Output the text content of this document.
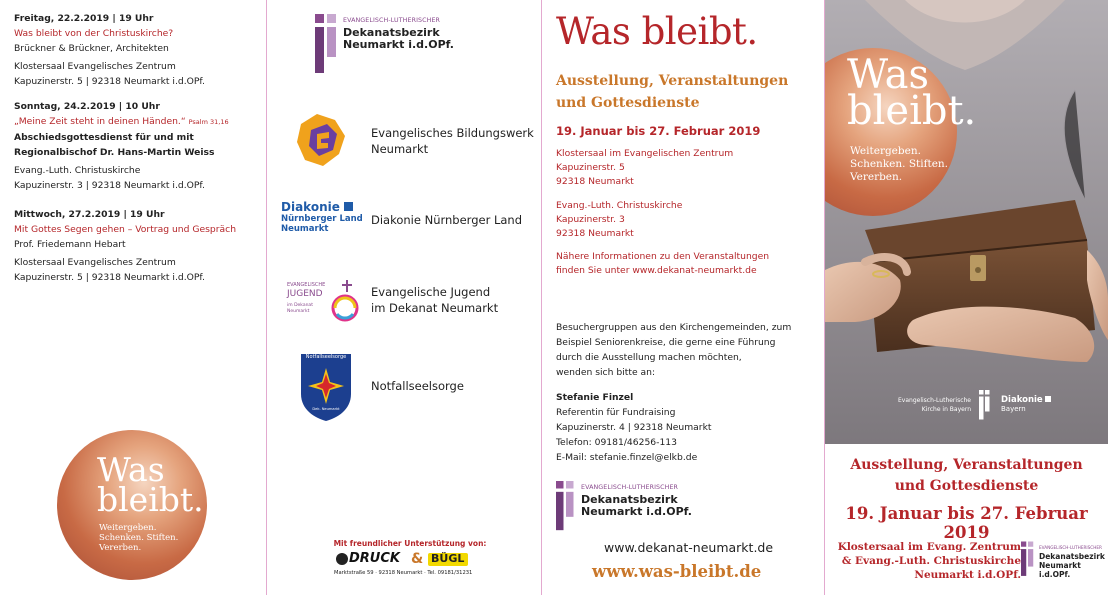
Freitag, 22.2.2019 | 19 Uhr
Was bleibt von der Christuskirche?
Brückner & Brückner, Architekten
Klostersaal Evangelisches Zentrum
Kapuzinerstr. 5 | 92318 Neumarkt i.d.OPf.
Sonntag, 24.2.2019 | 10 Uhr
„Meine Zeit steht in deinen Händen.“ Psalm 31,16
Abschiedsgottesdienst für und mit
Regionalbischof Dr. Hans-Martin Weiss
Evang.-Luth. Christuskirche
Kapuzinerstr. 3 | 92318 Neumarkt i.d.OPf.
Mittwoch, 27.2.2019 | 19 Uhr
Mit Gottes Segen gehen – Vortrag und Gespräch
Prof. Friedemann Hebart
Klostersaal Evangelisches Zentrum
Kapuzinerstr. 5 | 92318 Neumarkt i.d.OPf.
Was
bleibt.
Weitergeben.
Schenken. Stiften.
Vererben.	Mit freundlicher Unterstützung von:
DRUCK & BÜGL
Marktstraße 59 · 92318 Neumarkt · Tel. 09181/31231
EVANGELISCH-LUTHERISCHER
Dekanatsbezirk
Neumarkt i.d.OPf.
Evangelisches Bildungswerk
Neumarkt
Diakonie
Nürnberger Land
Neumarkt
Diakonie Nürnberger Land
EVANGELISCHE
JUGEND
im Dekanat
Neumarkt
Evangelische Jugend
im Dekanat Neumarkt
Notfallseelsorge
Dek. Neumarkt
Notfallseelsorge
Was bleibt.
Ausstellung, Veranstaltungen
und Gottesdienste
19. Januar bis 27. Februar 2019
Klostersaal im Evangelischen Zentrum
Kapuzinerstr. 5
92318 Neumarkt
Evang.-Luth. Christuskirche
Kapuzinerstr. 3
92318 Neumarkt
Nähere Informationen zu den Veranstaltungen
finden Sie unter www.dekanat-neumarkt.de
Besuchergruppen aus den Kirchengemeinden, zum
Beispiel Seniorenkreise, die gerne eine Führung
durch die Ausstellung machen möchten,
wenden sich bitte an:
Stefanie Finzel
Referentin für Fundraising
Kapuzinerstr. 4 | 92318 Neumarkt
Telefon: 09181/46256-113
E-Mail: stefanie.finzel@elkb.de
EVANGELISCH-LUTHERISCHER
Dekanatsbezirk
Neumarkt i.d.OPf.
www.dekanat-neumarkt.de
www.was-bleibt.de
Was
bleibt.
Weitergeben.
Schenken. Stiften.
Vererben.
Evangelisch-Lutherische
Kirche in Bayern
Diakonie
Bayern
Ausstellung, Veranstaltungen
und Gottesdienste
19. Januar bis 27. Februar 2019
Klostersaal im Evang. Zentrum
& Evang.-Luth. Christuskirche
Neumarkt i.d.OPf.
EVANGELISCH-LUTHERISCHER
Dekanatsbezirk
Neumarkt i.d.OPf.
